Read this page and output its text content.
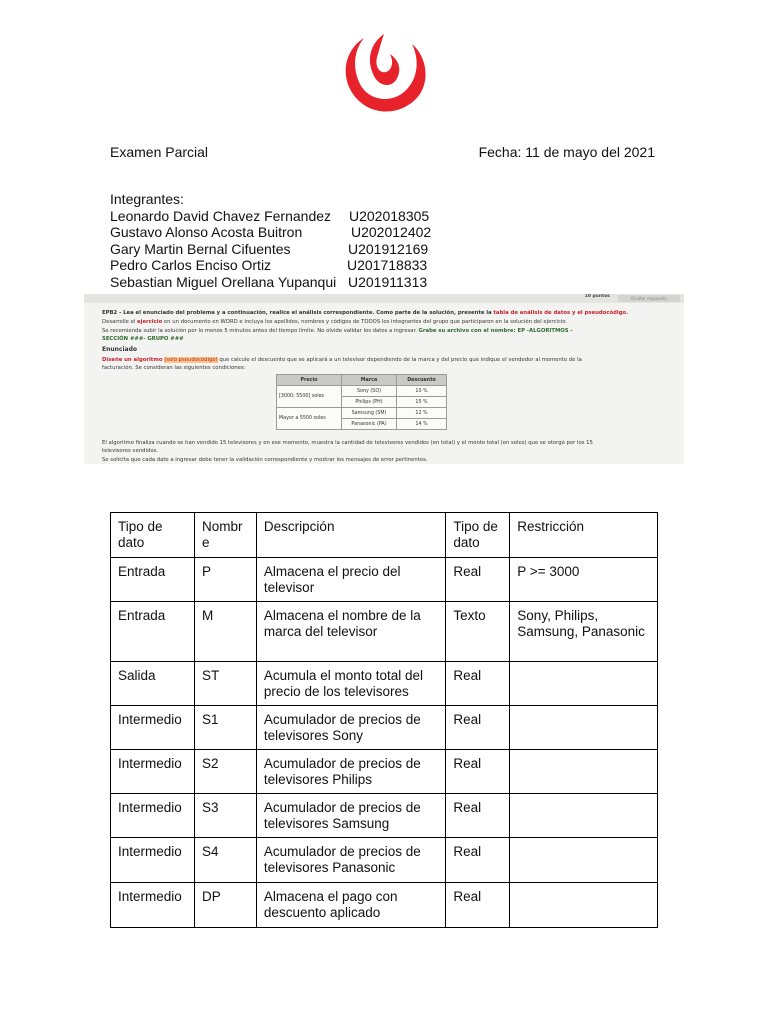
Examen Parcial	Fecha: 11 de mayo del 2021
Integrantes:
Leonardo David Chavez Fernandez U202018305
Gustavo Alonso Acosta Buitron	U202012402
Gary Martin Bernal Cifuentes	U201912169
Pedro Carlos Enciso Ortiz	U201718833
Sebastian Miguel Orellana Yupanqui U201911313
10 puntos	Ocultar respuesta
EPB2 - Lea el enunciado del problema y a continuación, realice el análisis correspondiente. Como parte de la solución, presente la tabla de análisis de datos y el pseudocódigo.
Desarrolle el ejercicio en un documento en WORD e incluya los apellidos, nombres y códigos de TODOS los integrantes del grupo que participaron en la solución del ejercicio.
Se recomienda subir la solución por lo menos 5 minutos antes del tiempo límite. No olvide validar los datos a ingresar. Grabe su archivo con el nombre: EP -ALGORITMOS -
SECCIÓN ###- GRUPO ###
Enunciado
Diseñe un algoritmo (solo pseudocódigo) que calcule el descuento que se aplicará a un televisor dependiendo de la marca y del precio que indique el vendedor al momento de la
facturación. Se consideran las siguientes condiciones:
Precio	Marca	Descuento
[3000; 5500] soles	Sony (SO)	10 %
	Philips (PH)	15 %
Mayor a 5500 soles	Samsung (SM)	12 %
	Panasonic (PA)	14 %
El algoritmo finaliza cuando se han vendido 15 televisores y en ese momento, muestra la cantidad de televisores vendidos (en total) y el monto total (en soles) que se otorgó por los 15
televisores vendidos.
Se solicita que cada dato a ingresar debe tener la validación correspondiente y mostrar los mensajes de error pertinentes.
Tipo de
dato	Nombr
e	Descripción	Tipo de
dato	Restricción
Entrada	P	Almacena el precio del televisor	Real	P >= 3000
Entrada	M	Almacena el nombre de la marca del televisor	Texto	Sony, Philips, Samsung, Panasonic
Salida	ST	Acumula el monto total del precio de los televisores	Real	
Intermedio	S1	Acumulador de precios de televisores Sony	Real	
Intermedio	S2	Acumulador de precios de televisores Philips	Real	
Intermedio	S3	Acumulador de precios de televisores Samsung	Real	
Intermedio	S4	Acumulador de precios de televisores Panasonic	Real	
Intermedio	DP	Almacena el pago con descuento aplicado	Real	
